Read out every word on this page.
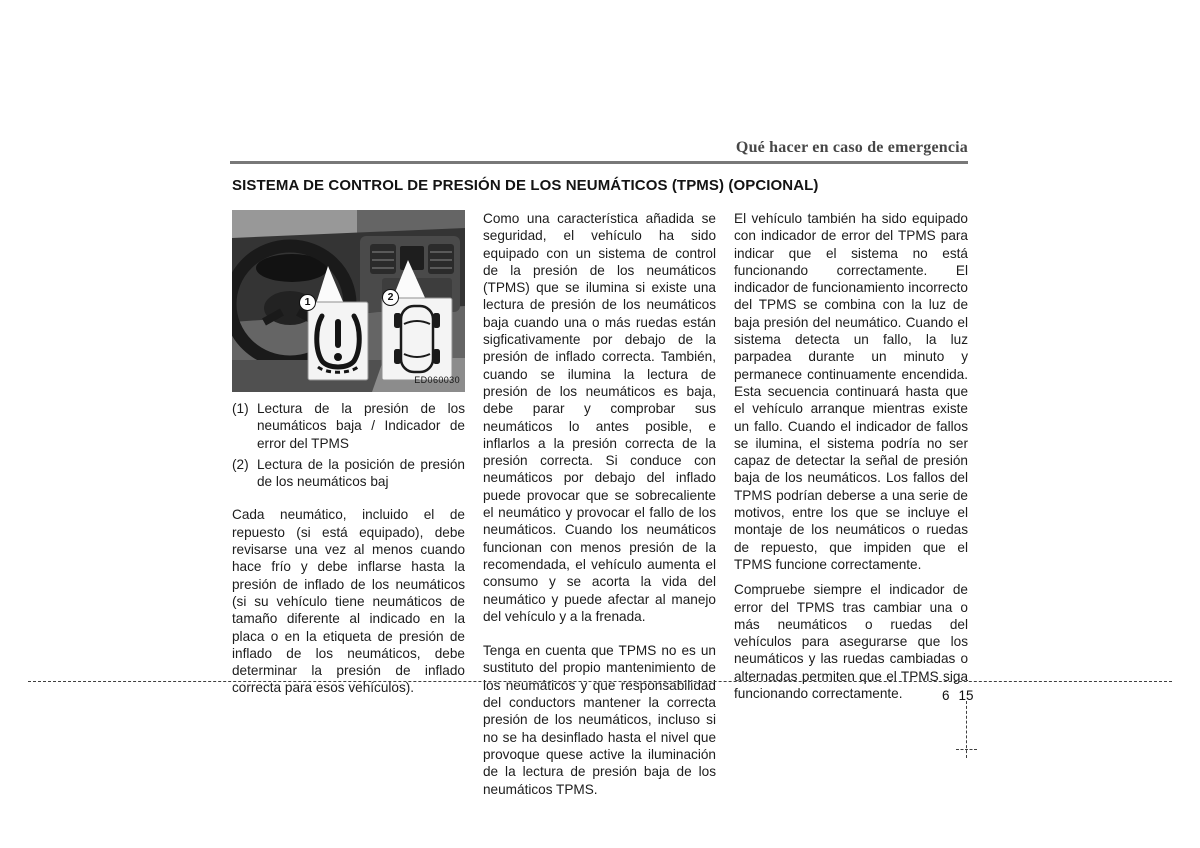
Qué hacer en caso de emergencia
SISTEMA DE CONTROL DE PRESIÓN DE LOS NEUMÁTICOS (TPMS) (OPCIONAL)
1	2
ED060030
(1) Lectura de la presión de los neumáticos baja / Indicador de error del TPMS
(2) Lectura de la posición de presión de los neumáticos baj

Cada neumático, incluido el de repuesto (si está equipado), debe revisarse una vez al menos cuando hace frío y debe inflarse hasta la presión de inflado de los neumáticos (si su vehículo tiene neumáticos de tamaño diferente al indicado en la placa o en la etiqueta de presión de inflado de los neumáticos, debe determinar la presión de inflado correcta para esos vehículos).

Como una característica añadida se seguridad, el vehículo ha sido equipado con un sistema de control de la presión de los neumáticos (TPMS) que se ilumina si existe una lectura de presión de los neumáticos baja cuando una o más ruedas están sigficativamente por debajo de la presión de inflado correcta. También, cuando se ilumina la lectura de presión de los neumáticos es baja, debe parar y comprobar sus neumáticos lo antes posible, e inflarlos a la presión correcta de la presión correcta. Si conduce con neumáticos por debajo del inflado puede provocar que se sobrecaliente el neumático y provocar el fallo de los neumáticos. Cuando los neumáticos funcionan con menos presión de la recomendada, el vehículo aumenta el consumo y se acorta la vida del neumático y puede afectar al manejo del vehículo y a la frenada.

Tenga en cuenta que TPMS no es un sustituto del propio mantenimiento de los neumáticos y que responsabilidad del conductors mantener la correcta presión de los neumáticos, incluso si no se ha desinflado hasta el nivel que provoque quese active la iluminación de la lectura de presión baja de los neumáticos TPMS.

El vehículo también ha sido equipado con indicador de error del TPMS para indicar que el sistema no está funcionando correctamente. El indicador de funcionamiento incorrecto del TPMS se combina con la luz de baja presión del neumático. Cuando el sistema detecta un fallo, la luz parpadea durante un minuto y permanece continuamente encendida. Esta secuencia continuará hasta que el vehículo arranque mientras existe un fallo. Cuando el indicador de fallos se ilumina, el sistema podría no ser capaz de detectar la señal de presión baja de los neumáticos. Los fallos del TPMS podrían deberse a una serie de motivos, entre los que se incluye el montaje de los neumáticos o ruedas de repuesto, que impiden que el TPMS funcione correctamente.

Compruebe siempre el indicador de error del TPMS tras cambiar una o más neumáticos o ruedas del vehículos para asegurarse que los neumáticos y las ruedas cambiadas o alternadas permiten que el TPMS siga funcionando correctamente.	6 15
